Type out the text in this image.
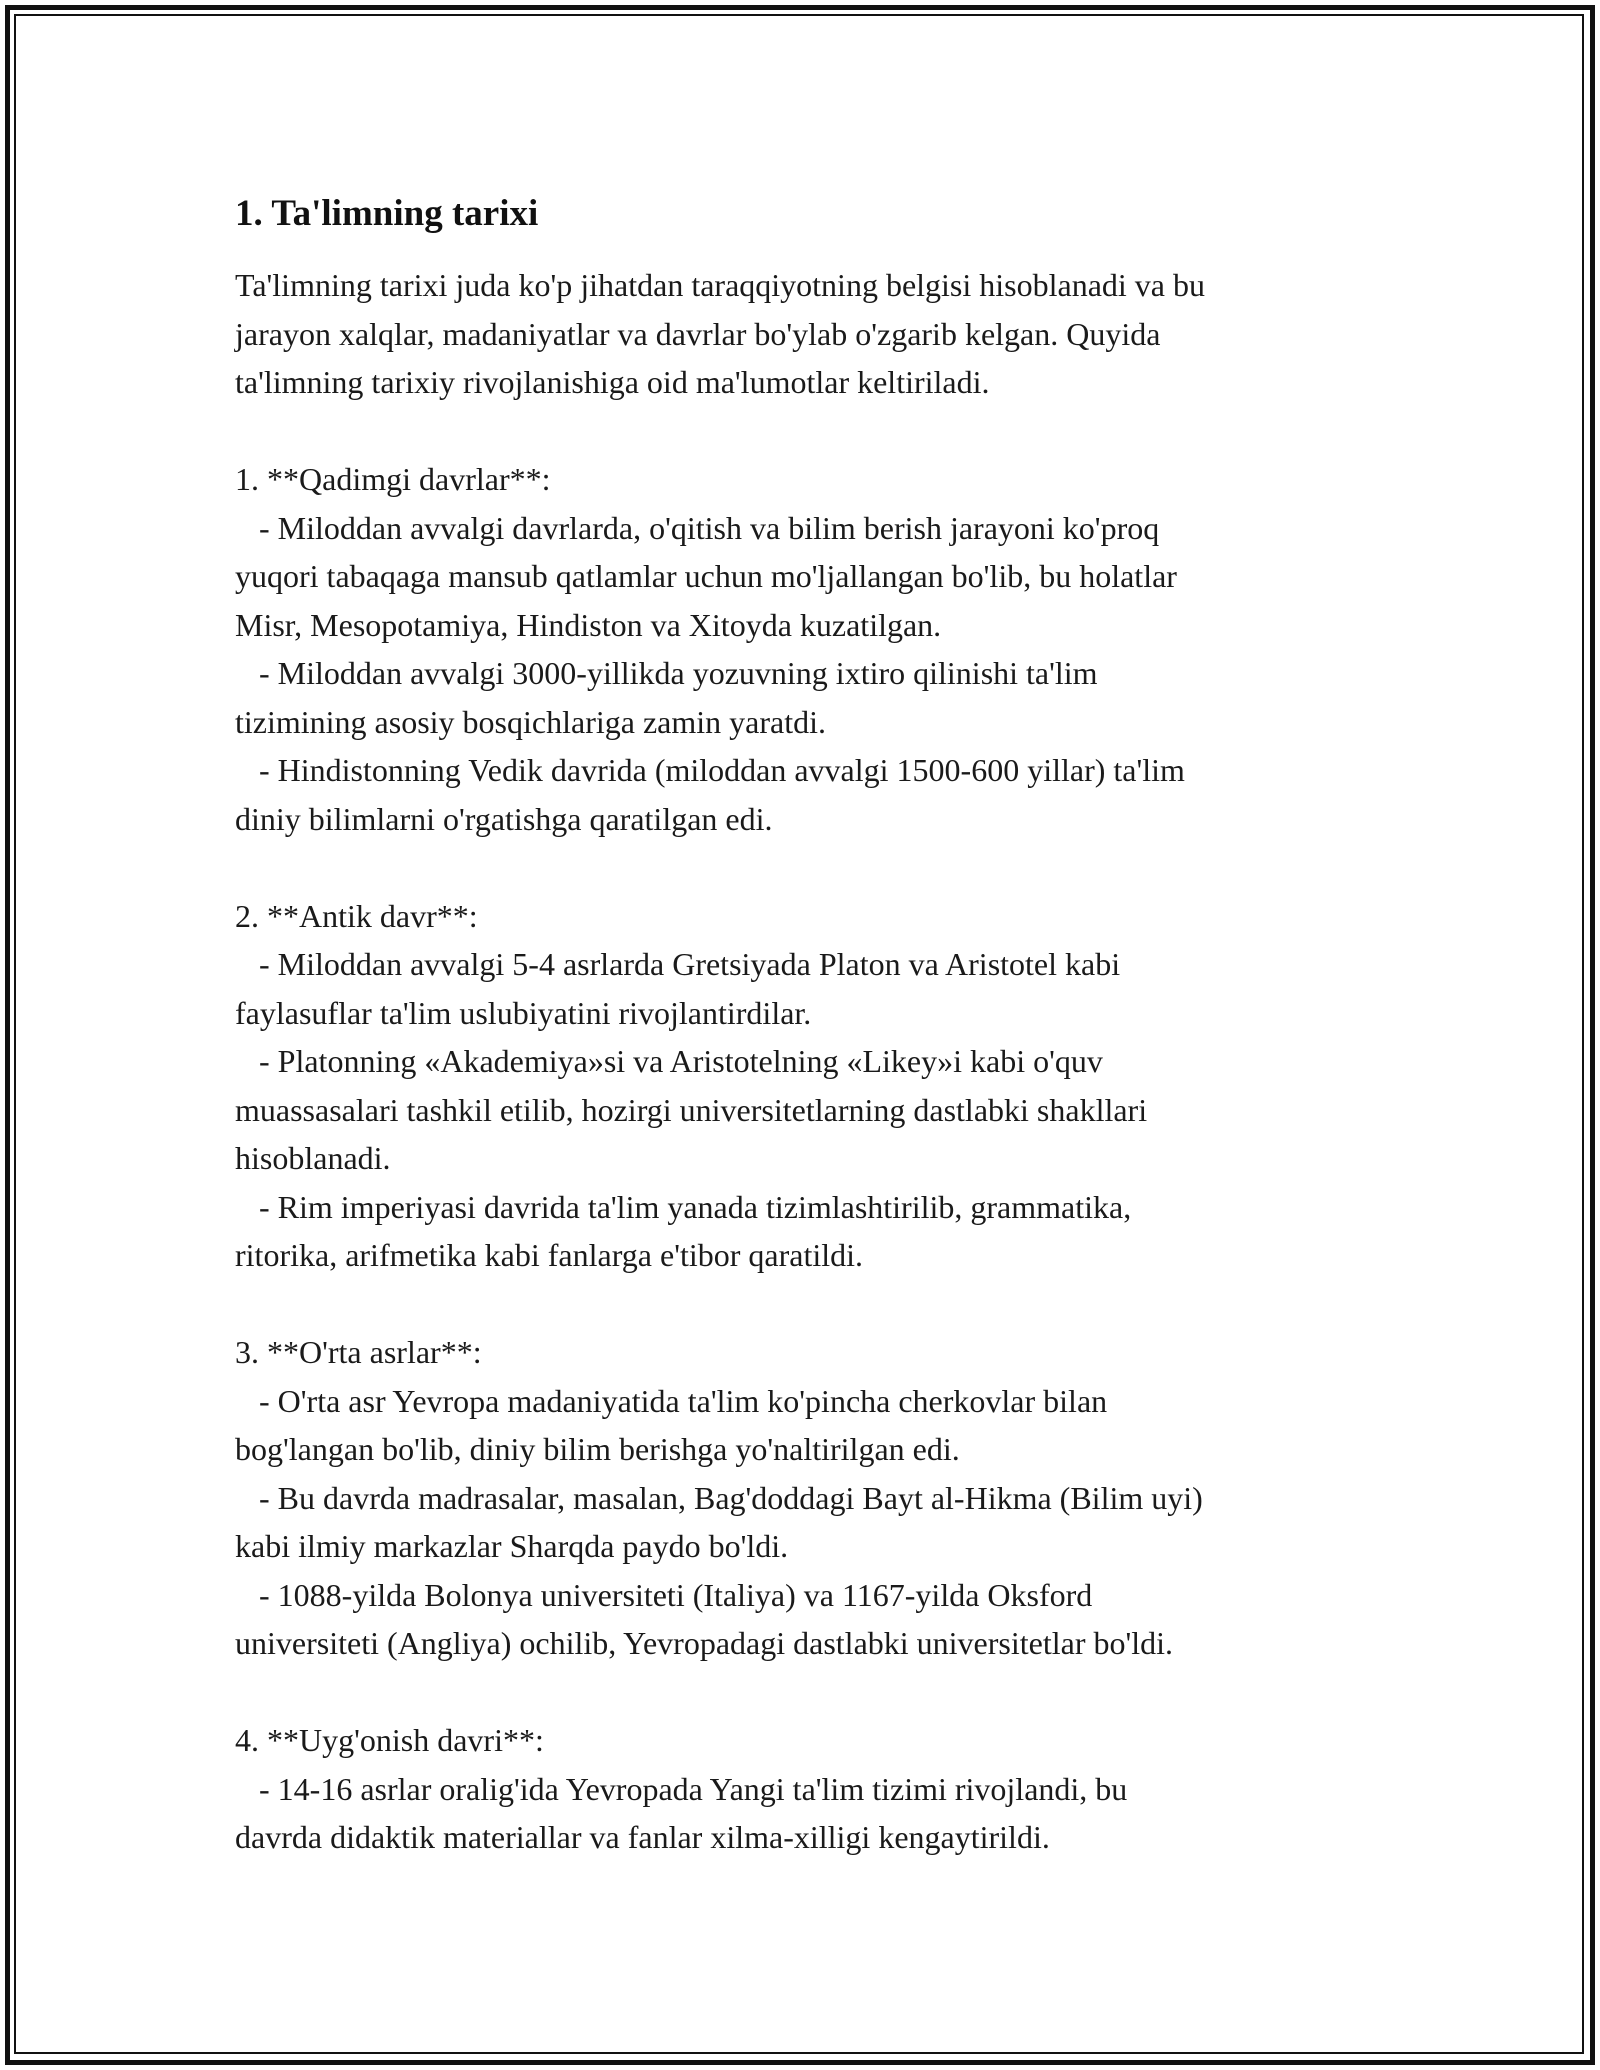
1. Ta'limning tarixi
Ta'limning tarixi juda ko'p jihatdan taraqqiyotning belgisi hisoblanadi va bu
jarayon xalqlar, madaniyatlar va davrlar bo'ylab o'zgarib kelgan. Quyida
ta'limning tarixiy rivojlanishiga oid ma'lumotlar keltiriladi.
1. **Qadimgi davrlar**:
- Miloddan avvalgi davrlarda, o'qitish va bilim berish jarayoni ko'proq
yuqori tabaqaga mansub qatlamlar uchun mo'ljallangan bo'lib, bu holatlar
Misr, Mesopotamiya, Hindiston va Xitoyda kuzatilgan.
- Miloddan avvalgi 3000-yillikda yozuvning ixtiro qilinishi ta'lim
tizimining asosiy bosqichlariga zamin yaratdi.
- Hindistonning Vedik davrida (miloddan avvalgi 1500-600 yillar) ta'lim
diniy bilimlarni o'rgatishga qaratilgan edi.
2. **Antik davr**:
- Miloddan avvalgi 5-4 asrlarda Gretsiyada Platon va Aristotel kabi
faylasuflar ta'lim uslubiyatini rivojlantirdilar.
- Platonning «Akademiya»si va Aristotelning «Likey»i kabi o'quv
muassasalari tashkil etilib, hozirgi universitetlarning dastlabki shakllari
hisoblanadi.
- Rim imperiyasi davrida ta'lim yanada tizimlashtirilib, grammatika,
ritorika, arifmetika kabi fanlarga e'tibor qaratildi.
3. **O'rta asrlar**:
- O'rta asr Yevropa madaniyatida ta'lim ko'pincha cherkovlar bilan
bog'langan bo'lib, diniy bilim berishga yo'naltirilgan edi.
- Bu davrda madrasalar, masalan, Bag'doddagi Bayt al-Hikma (Bilim uyi)
kabi ilmiy markazlar Sharqda paydo bo'ldi.
- 1088-yilda Bolonya universiteti (Italiya) va 1167-yilda Oksford
universiteti (Angliya) ochilib, Yevropadagi dastlabki universitetlar bo'ldi.
4. **Uyg'onish davri**:
- 14-16 asrlar oralig'ida Yevropada Yangi ta'lim tizimi rivojlandi, bu
davrda didaktik materiallar va fanlar xilma-xilligi kengaytirildi.
